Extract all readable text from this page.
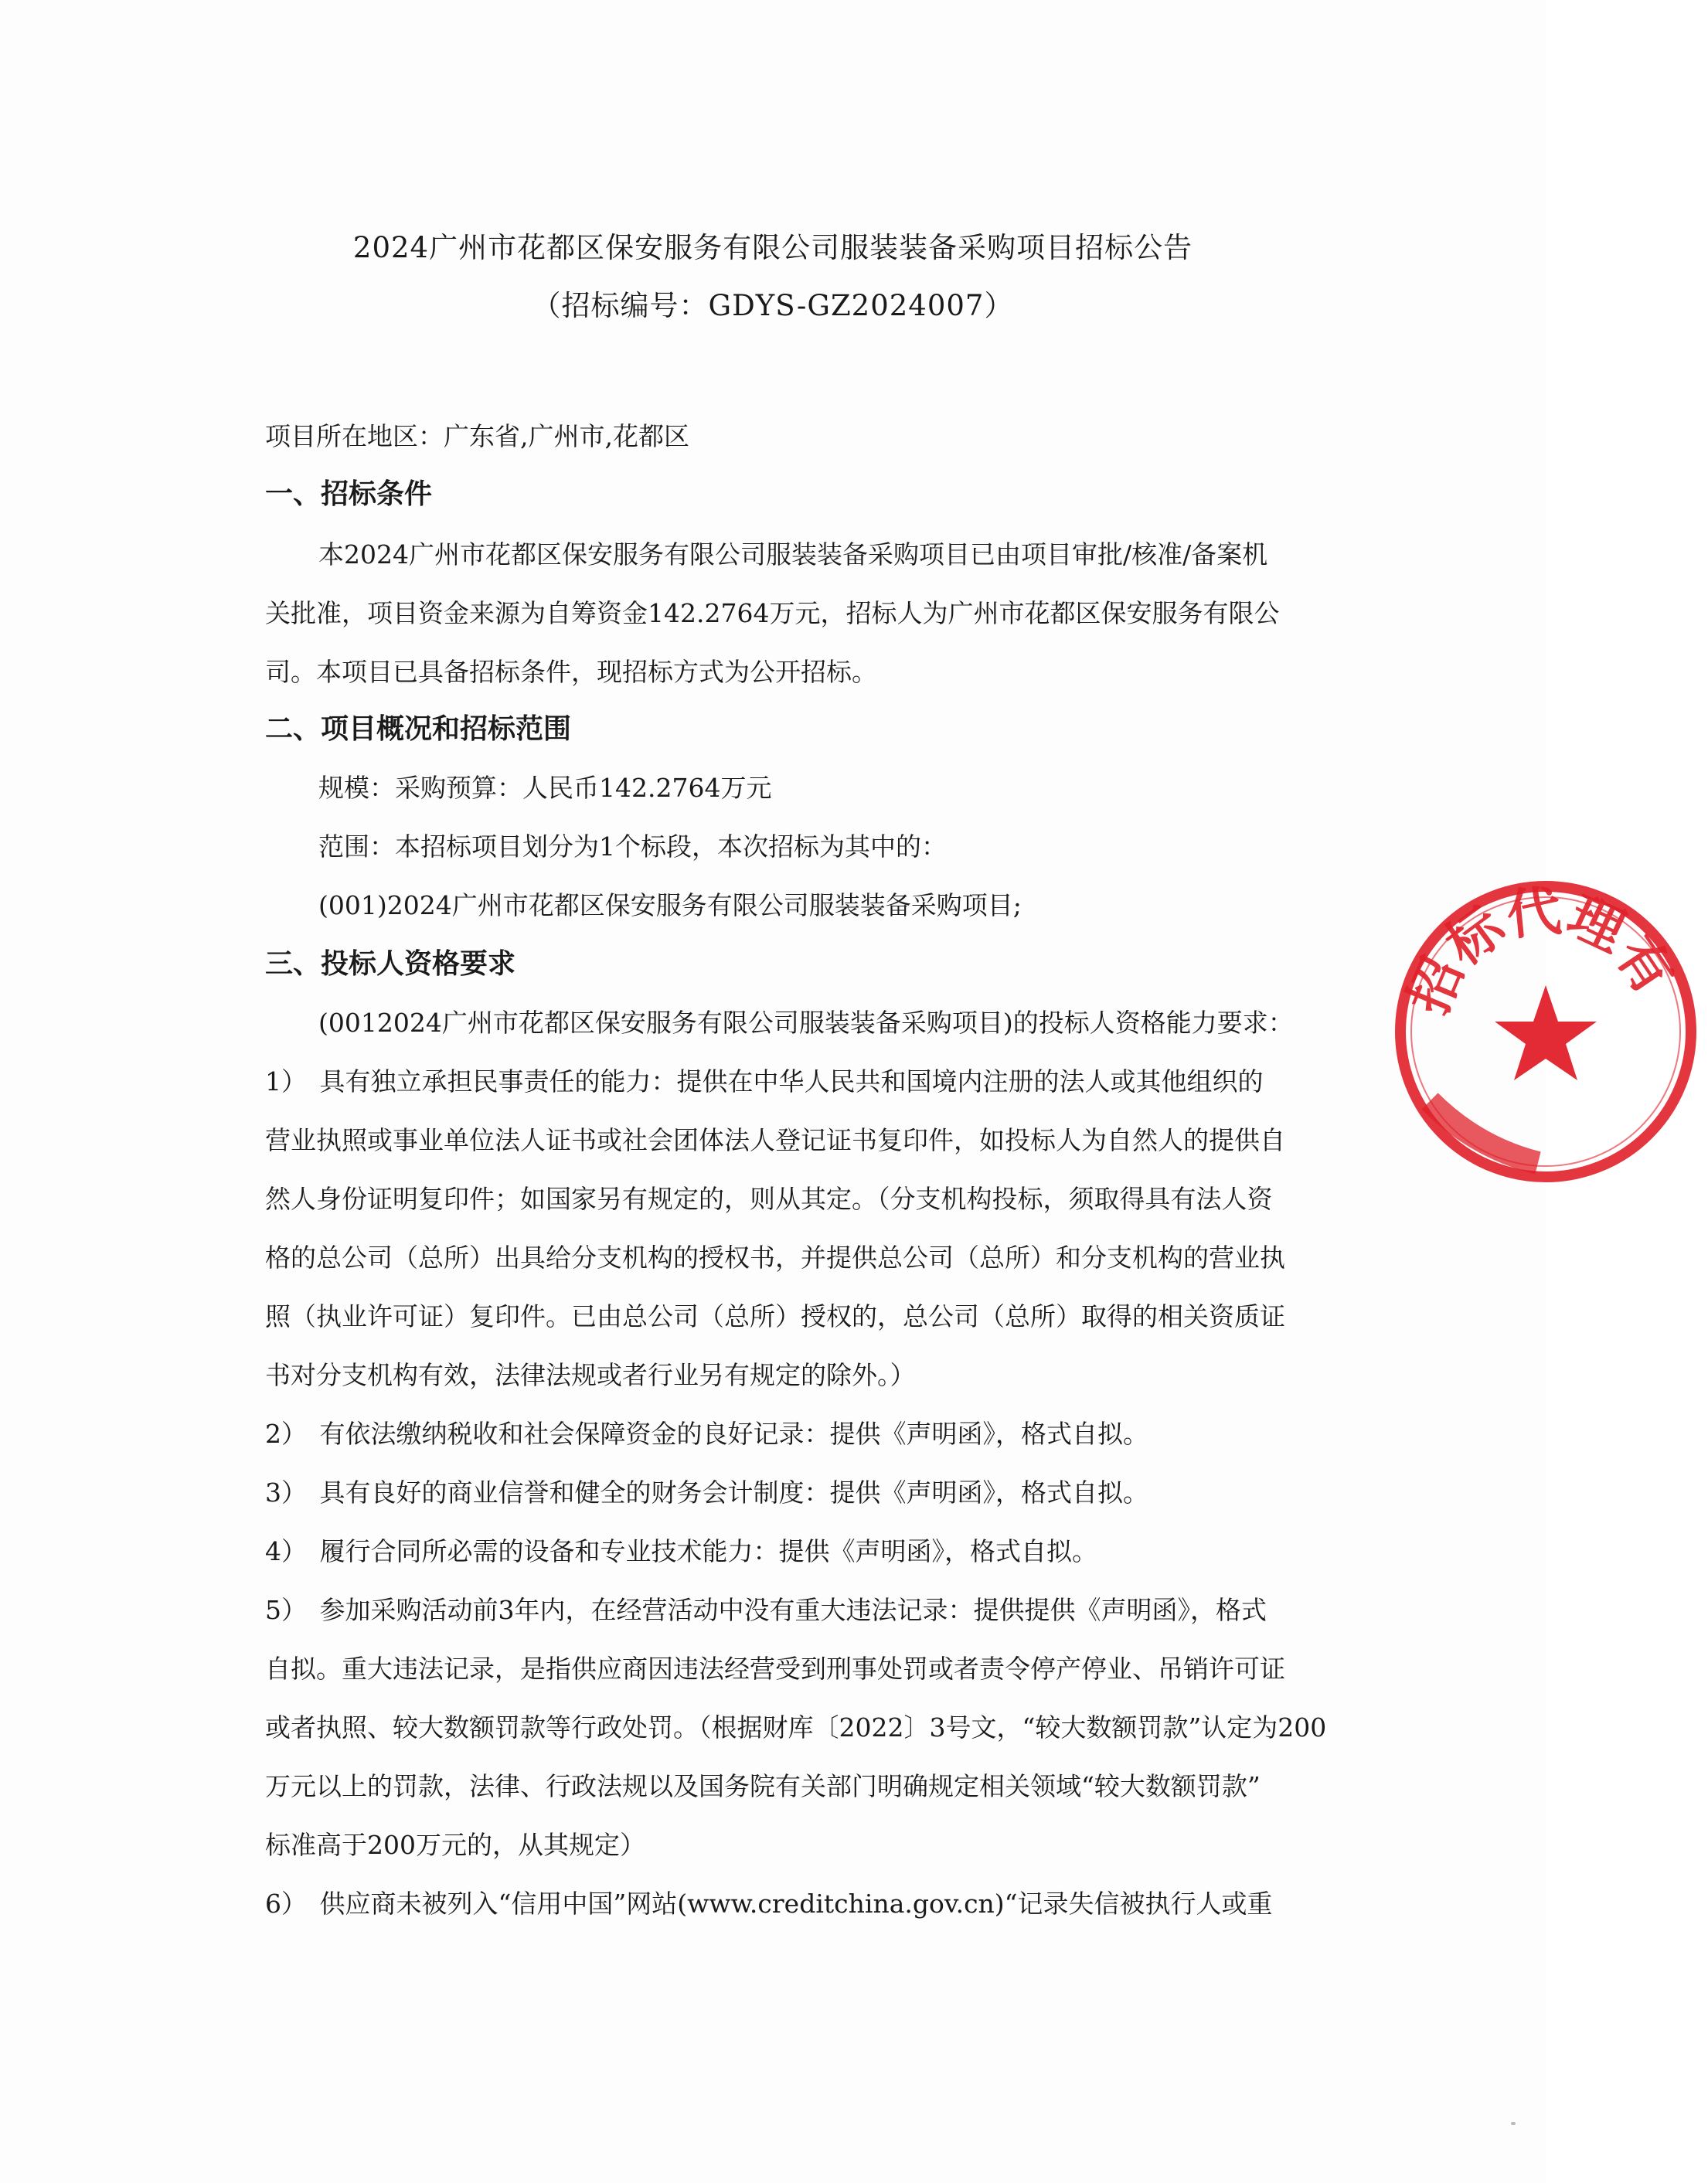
2024广州市花都区保安服务有限公司服装装备采购项目招标公告
（招标编号：GDYS-GZ2024007）
项目所在地区：广东省,广州市,花都区
一、招标条件
本2024广州市花都区保安服务有限公司服装装备采购项目已由项目审批/核准/备案机
关批准，项目资金来源为自筹资金142.2764万元，招标人为广州市花都区保安服务有限公
司。本项目已具备招标条件，现招标方式为公开招标。
二、项目概况和招标范围
规模：采购预算：人民币142.2764万元
范围：本招标项目划分为1个标段，本次招标为其中的：
(001)2024广州市花都区保安服务有限公司服装装备采购项目;
三、投标人资格要求
(0012024广州市花都区保安服务有限公司服装装备采购项目)的投标人资格能力要求：
1）　具有独立承担民事责任的能力：提供在中华人民共和国境内注册的法人或其他组织的
营业执照或事业单位法人证书或社会团体法人登记证书复印件，如投标人为自然人的提供自
然人身份证明复印件；如国家另有规定的，则从其定。（分支机构投标，须取得具有法人资
格的总公司（总所）出具给分支机构的授权书，并提供总公司（总所）和分支机构的营业执
照（执业许可证）复印件。已由总公司（总所）授权的，总公司（总所）取得的相关资质证
书对分支机构有效，法律法规或者行业另有规定的除外。）
2）　有依法缴纳税收和社会保障资金的良好记录：提供《声明函》，格式自拟。
3）　具有良好的商业信誉和健全的财务会计制度：提供《声明函》，格式自拟。
4）　履行合同所必需的设备和专业技术能力：提供《声明函》，格式自拟。
5）　参加采购活动前3年内，在经营活动中没有重大违法记录：提供提供《声明函》，格式
自拟。重大违法记录，是指供应商因违法经营受到刑事处罚或者责令停产停业、吊销许可证
或者执照、较大数额罚款等行政处罚。（根据财库〔2022〕3号文，“较大数额罚款”认定为200
万元以上的罚款，法律、行政法规以及国务院有关部门明确规定相关领域“较大数额罚款”
标准高于200万元的，从其规定）
6）　供应商未被列入“信用中国”网站(www.creditchina.gov.cn)“记录失信被执行人或重
招标代理有
